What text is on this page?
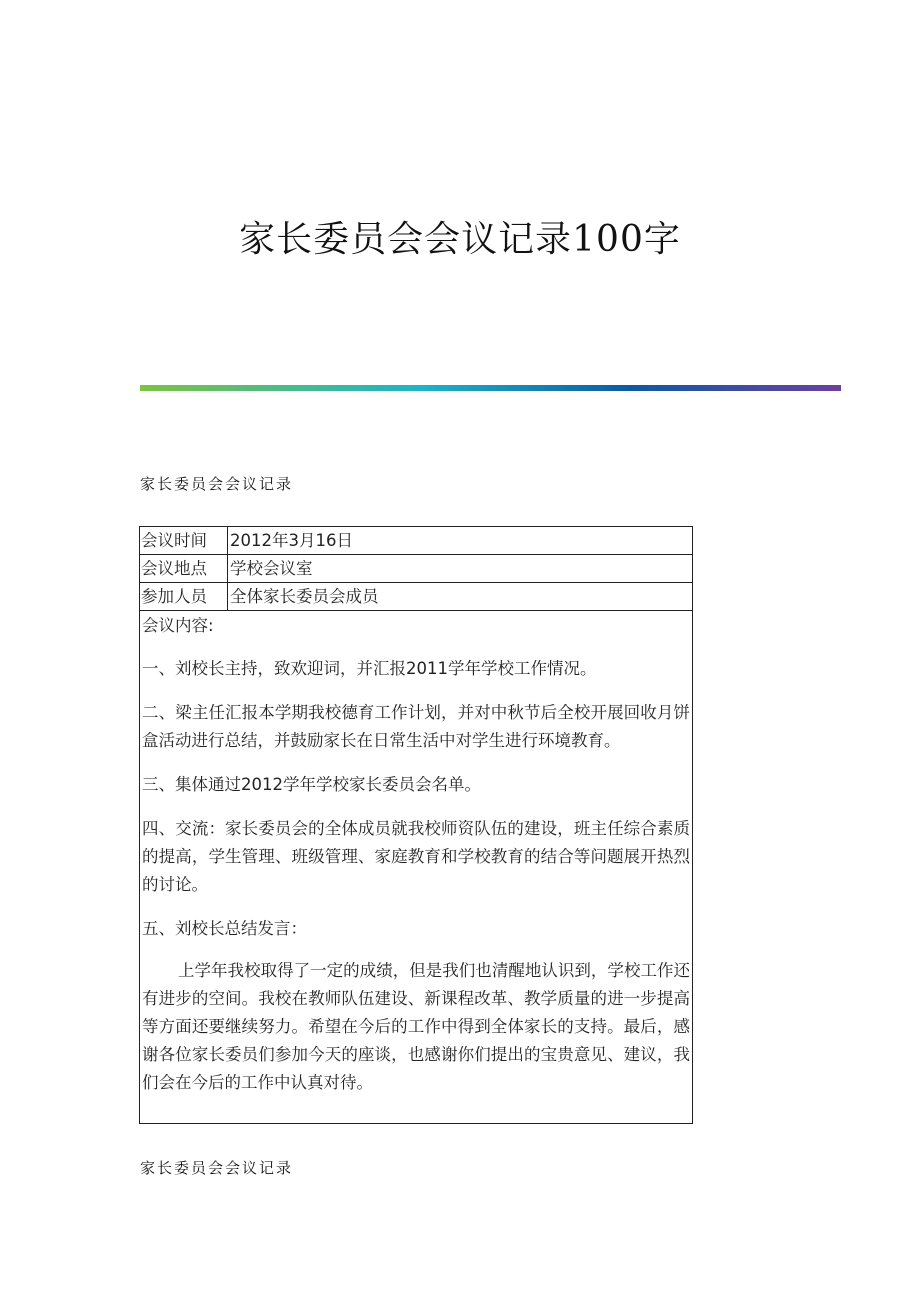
家长委员会会议记录100字
家长委员会会议记录
会议时间	2012年3月16日
会议地点	学校会议室
参加人员	全体家长委员会成员
会议内容:

一、刘校长主持，致欢迎词，并汇报2011学年学校工作情况。

二、梁主任汇报本学期我校德育工作计划，并对中秋节后全校开展回收月饼盒活动进行总结，并鼓励家长在日常生活中对学生进行环境教育。

三、集体通过2012学年学校家长委员会名单。

四、交流：家长委员会的全体成员就我校师资队伍的建设，班主任综合素质的提高，学生管理、班级管理、家庭教育和学校教育的结合等问题展开热烈的讨论。

五、刘校长总结发言：

上学年我校取得了一定的成绩，但是我们也清醒地认识到，学校工作还有进步的空间。我校在教师队伍建设、新课程改革、教学质量的进一步提高等方面还要继续努力。希望在今后的工作中得到全体家长的支持。最后，感谢各位家长委员们参加今天的座谈，也感谢你们提出的宝贵意见、建议，我们会在今后的工作中认真对待。

家长委员会会议记录
